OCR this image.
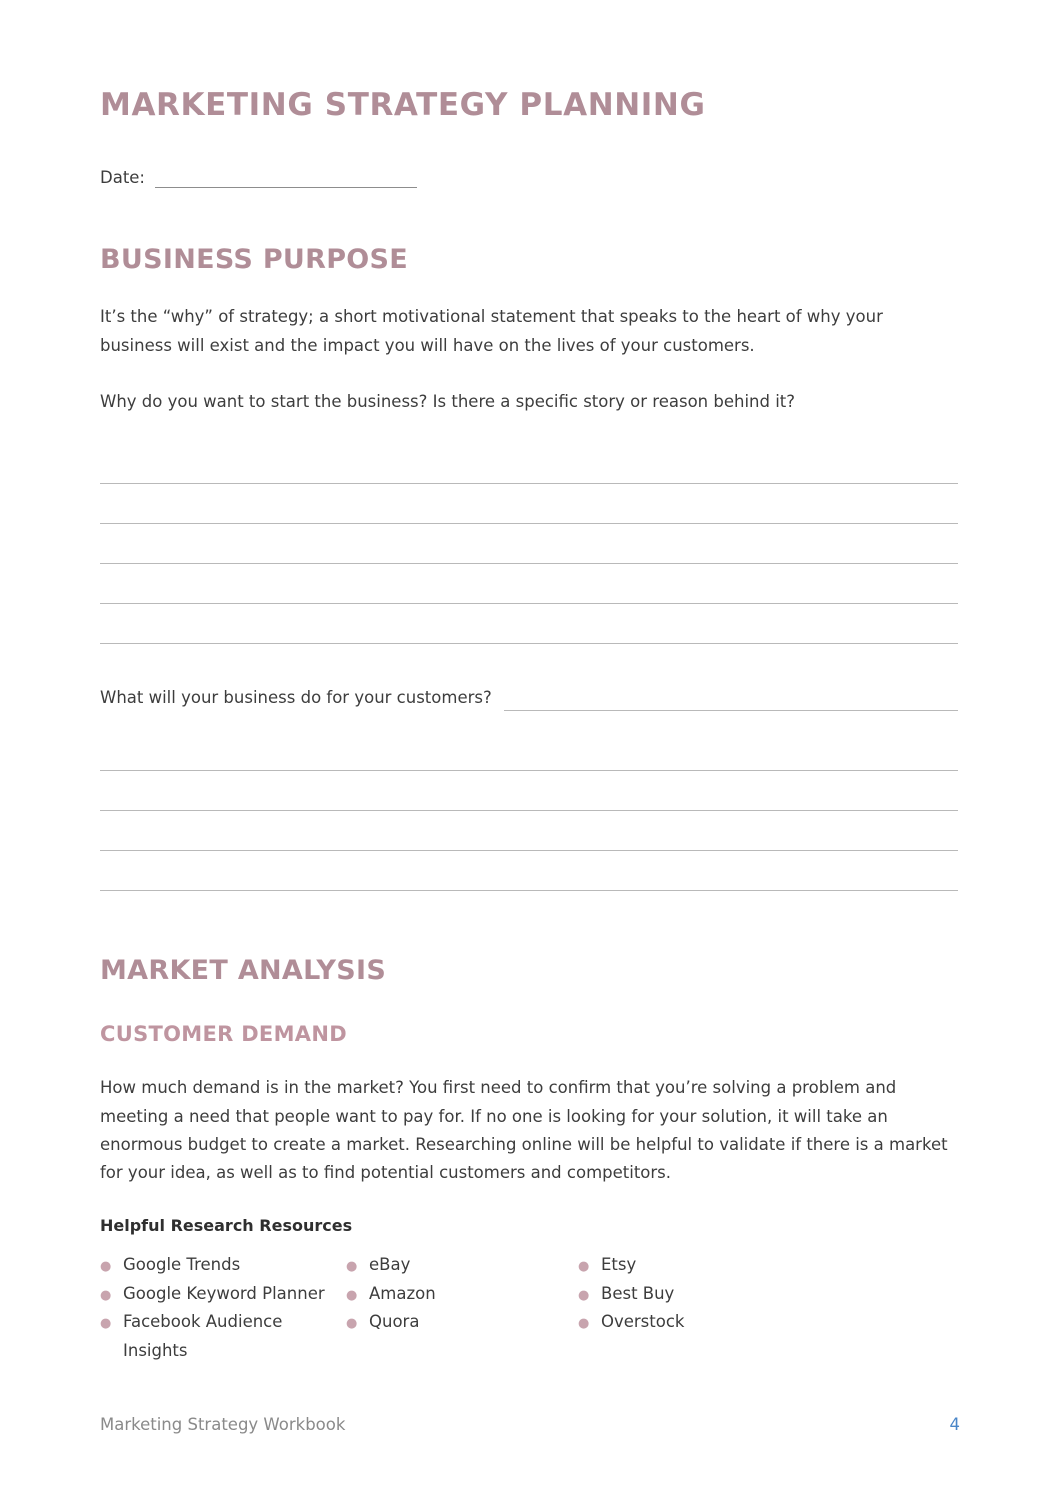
MARKETING STRATEGY PLANNING
Date:
BUSINESS PURPOSE

It’s the “why” of strategy; a short motivational statement that speaks to the heart of why your business will exist and the impact you will have on the lives of your customers.

Why do you want to start the business? Is there a specific story or reason behind it?

What will your business do for your customers?
MARKET ANALYSIS
CUSTOMER DEMAND

How much demand is in the market? You first need to confirm that you’re solving a problem and meeting a need that people want to pay for. If no one is looking for your solution, it will take an enormous budget to create a market. Researching online will be helpful to validate if there is a market for your idea, as well as to find potential customers and competitors.

Helpful Research Resources

● Google Trends
● Google Keyword Planner
● Facebook Audience Insights
● eBay
● Amazon
● Quora
● Etsy
● Best Buy
● Overstock
Marketing Strategy Workbook	4
